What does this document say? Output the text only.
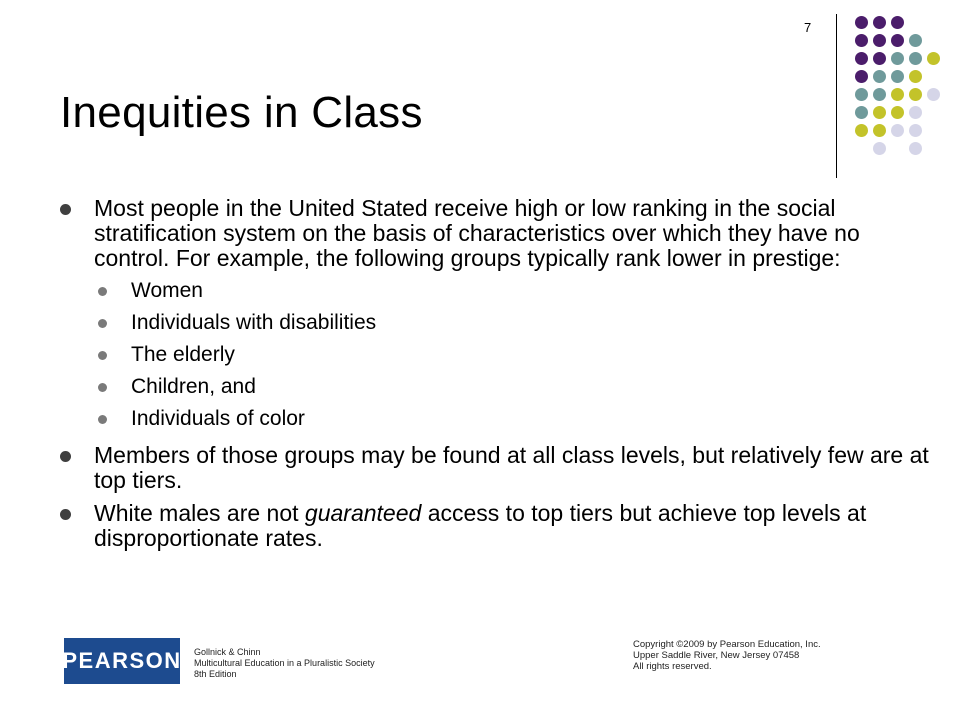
7
Inequities in Class
Most people in the United Stated receive high or low ranking in the social stratification system on the basis of characteristics over which they have no control. For example, the following groups typically rank lower in prestige:
Women
Individuals with disabilities
The elderly
Children, and
Individuals of color
Members of those groups may be found at all class levels, but relatively few are at top tiers.
White males are not guaranteed access to top tiers but achieve top levels at disproportionate rates.
PEARSON Gollnick & Chinn
Multicultural Education in a Pluralistic Society
8th Edition
Copyright ©2009 by Pearson Education, Inc.
Upper Saddle River, New Jersey 07458
All rights reserved.
